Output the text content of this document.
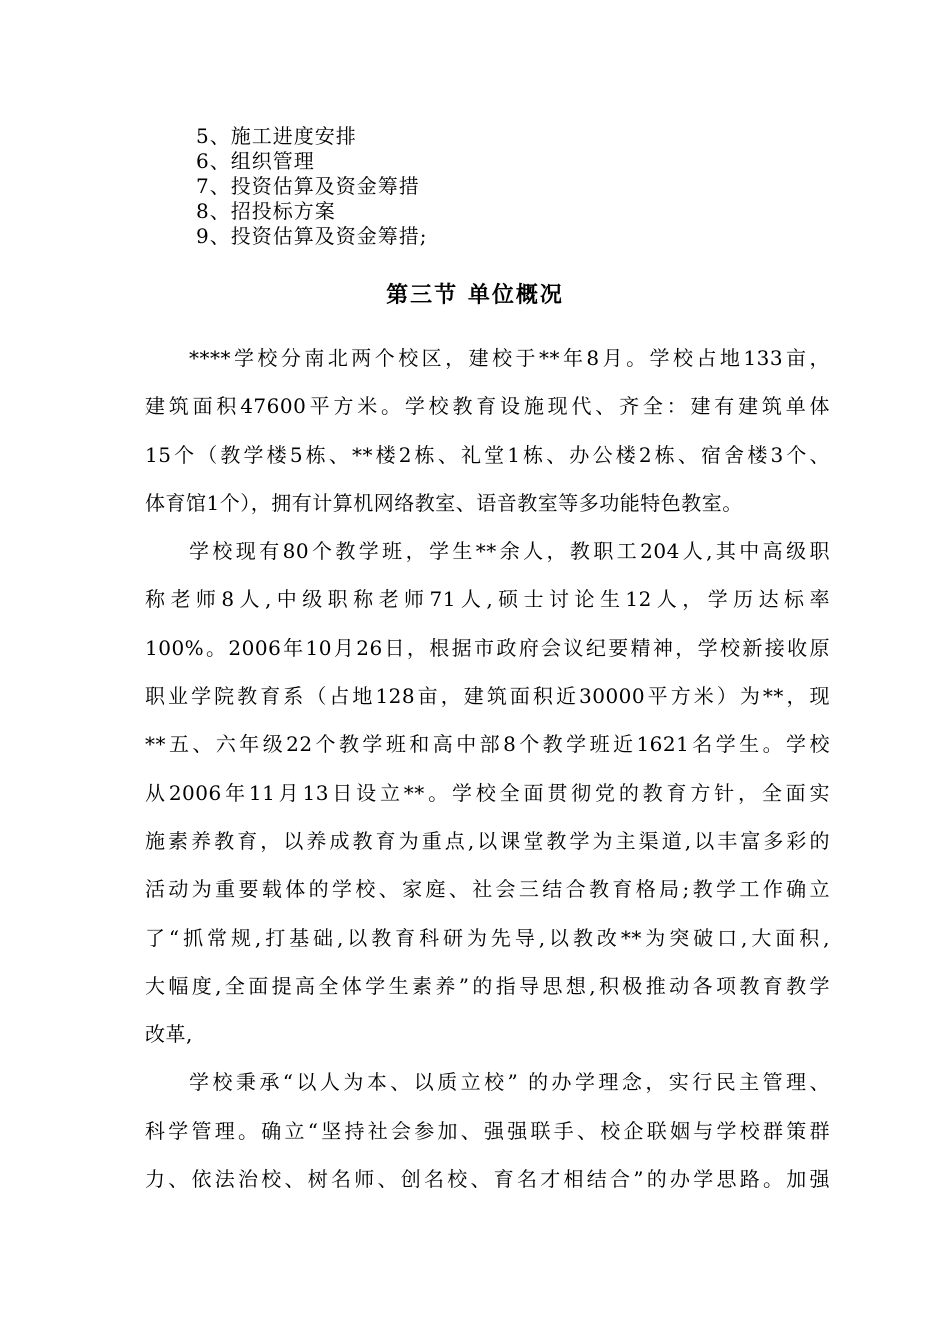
5、施工进度安排
6、组织管理
7、投资估算及资金筹措
8、招投标方案
9、投资估算及资金筹措;
第三节 单位概况
****学校分南北两个校区，建校于**年8月。学校占地133亩，
建筑面积47600平方米。学校教育设施现代、齐全：建有建筑单体
15个（教学楼5栋、**楼2栋、礼堂1栋、办公楼2栋、宿舍楼3个、
体育馆1个），拥有计算机网络教室、语音教室等多功能特色教室。
学校现有80个教学班，学生**余人，教职工204人,其中高级职
称老师8人,中级职称老师71人,硕士讨论生12人，学历达标率
100%。2006年10月26日，根据市政府会议纪要精神，学校新接收原
职业学院教育系（占地128亩，建筑面积近30000平方米）为**，现
**五、六年级22个教学班和高中部8个教学班近1621名学生。学校
从2006年11月13日设立**。学校全面贯彻党的教育方针，全面实
施素养教育，以养成教育为重点,以课堂教学为主渠道,以丰富多彩的
活动为重要载体的学校、家庭、社会三结合教育格局;教学工作确立
了“抓常规,打基础,以教育科研为先导,以教改**为突破口,大面积,
大幅度,全面提高全体学生素养”的指导思想,积极推动各项教育教学
改革,
学校秉承“以人为本、以质立校” 的办学理念，实行民主管理、
科学管理。确立“坚持社会参加、强强联手、校企联姻与学校群策群
力、依法治校、树名师、创名校、育名才相结合”的办学思路。加强
